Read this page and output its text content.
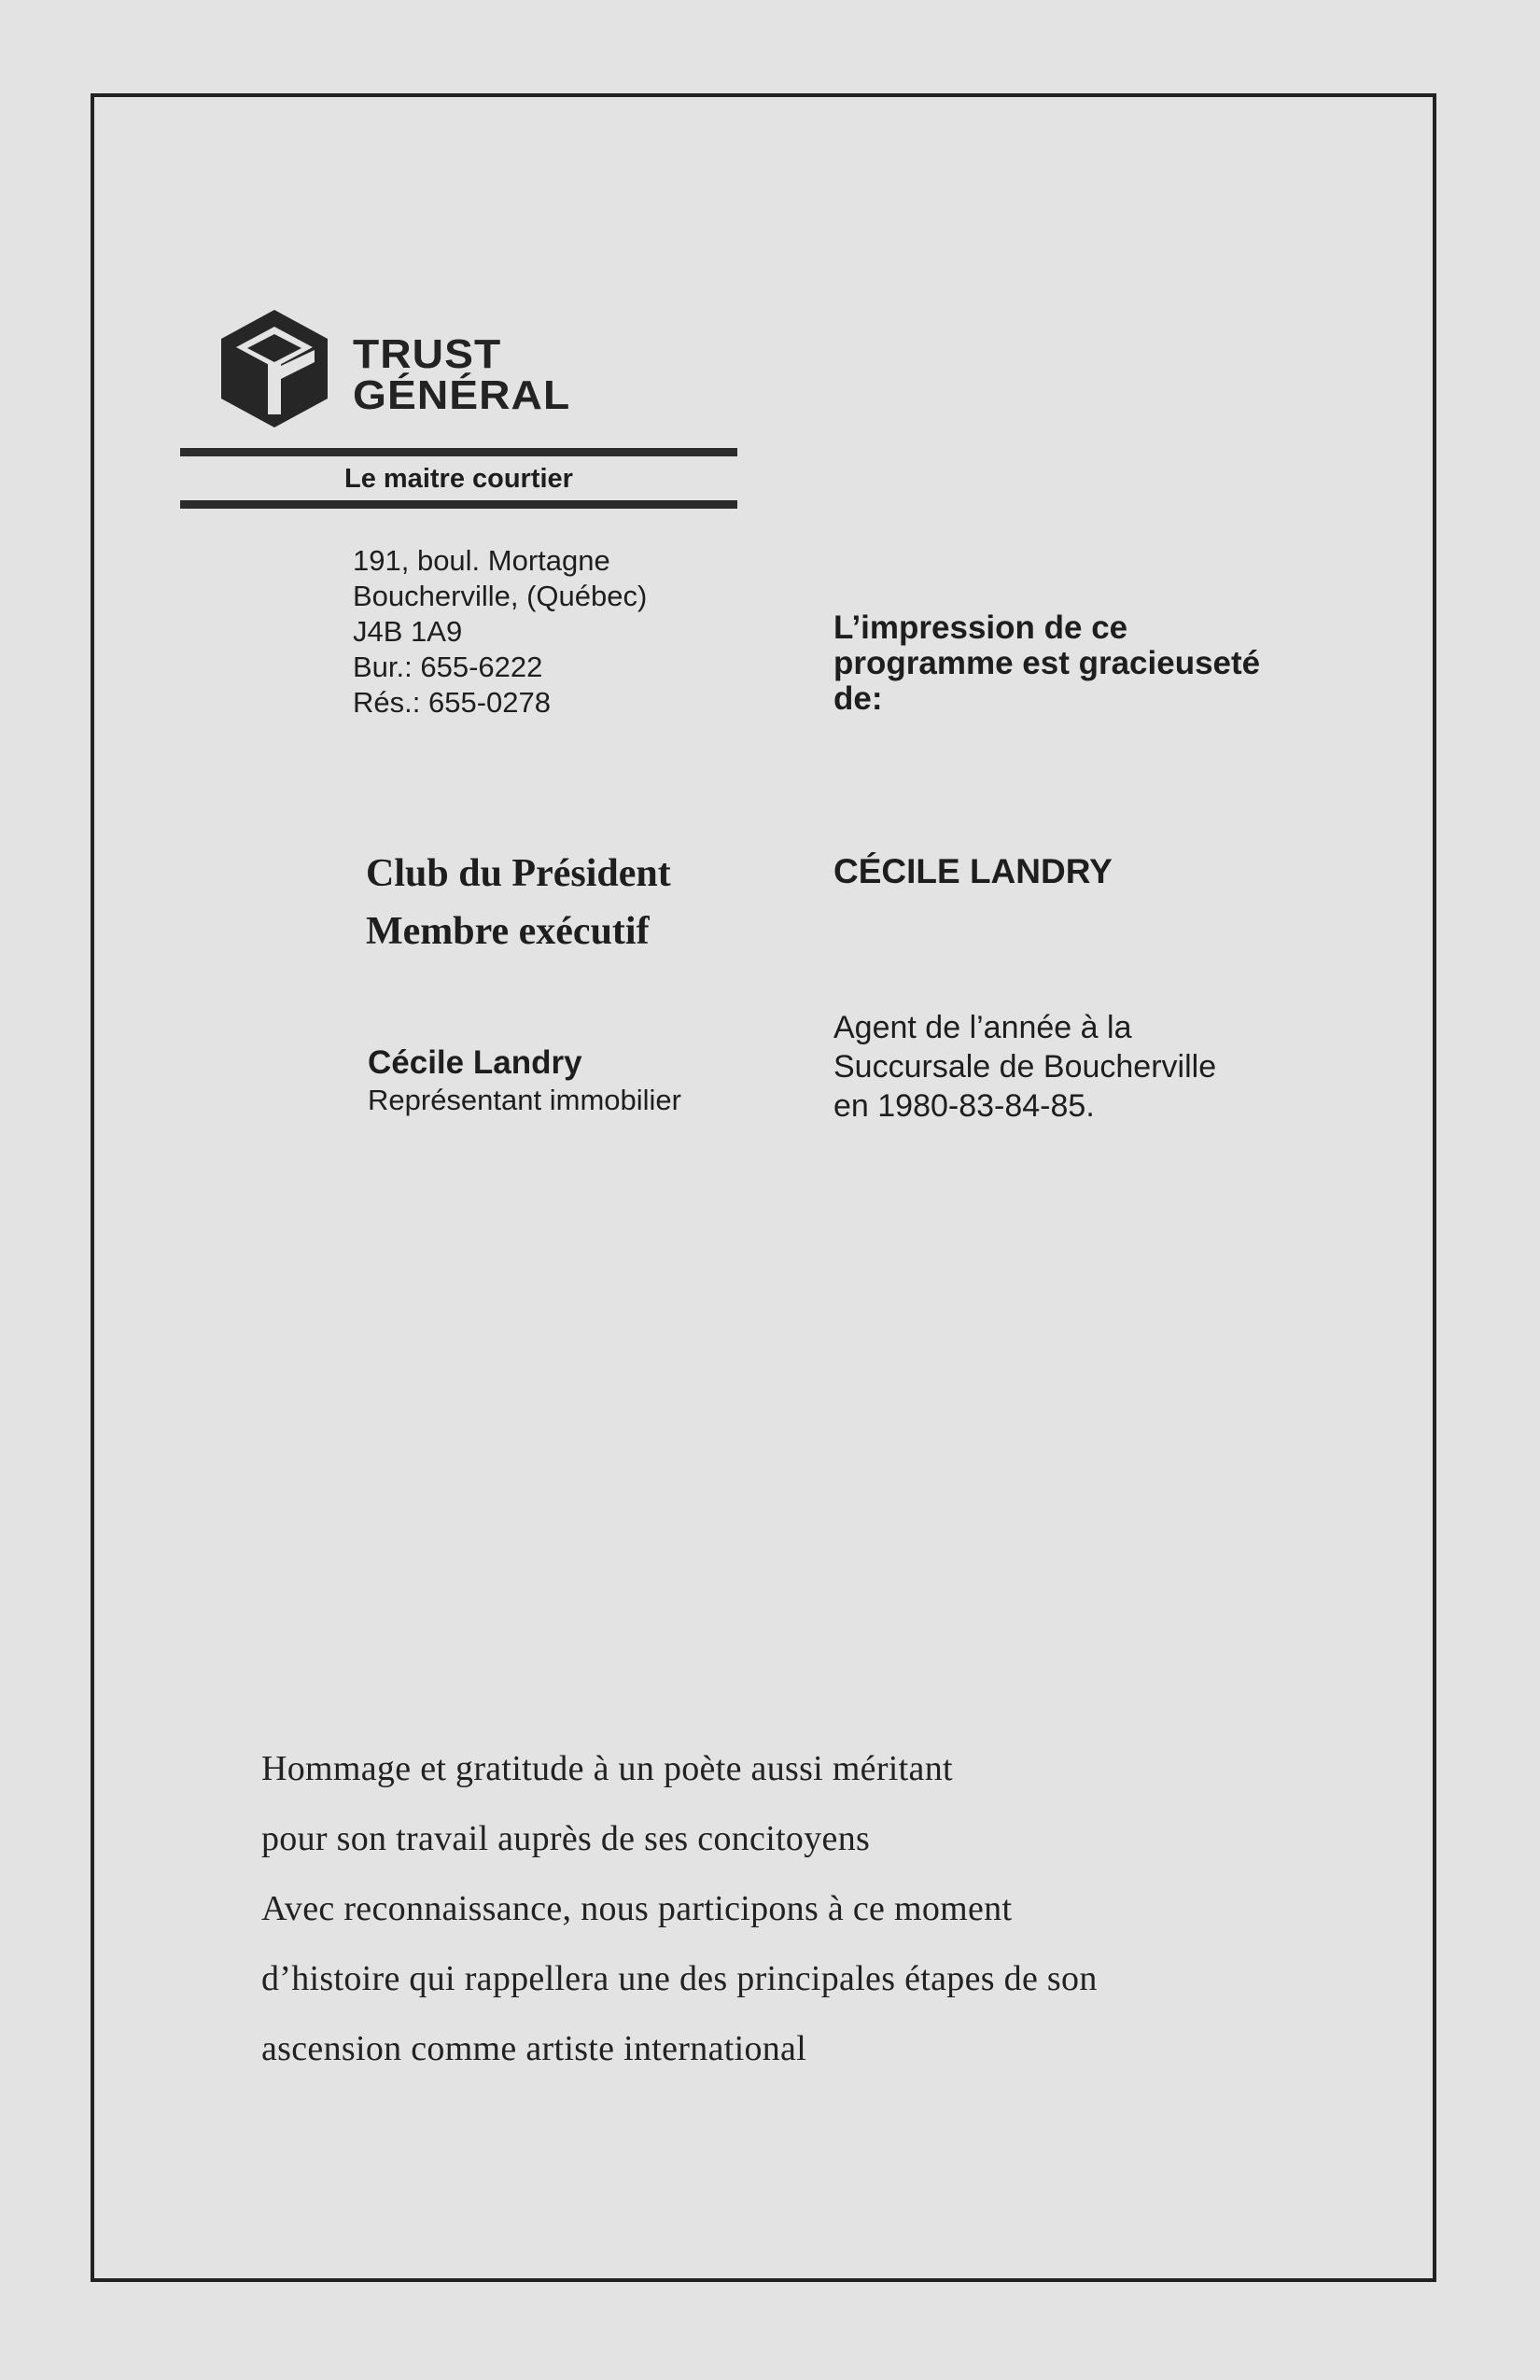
TRUST
GÉNÉRAL
Le maitre courtier
191, boul. Mortagne
Boucherville, (Québec)
J4B 1A9
Bur.: 655-6222
Rés.: 655-0278
L’impression de ce
programme est gracieuseté
de:
Club du Président
Membre exécutif
CÉCILE LANDRY
Cécile Landry
Représentant immobilier
Agent de l’année à la
Succursale de Boucherville
en 1980-83-84-85.
Hommage et gratitude à un poète aussi méritant
pour son travail auprès de ses concitoyens
Avec reconnaissance, nous participons à ce moment
d’histoire qui rappellera une des principales étapes de son
ascension comme artiste international
